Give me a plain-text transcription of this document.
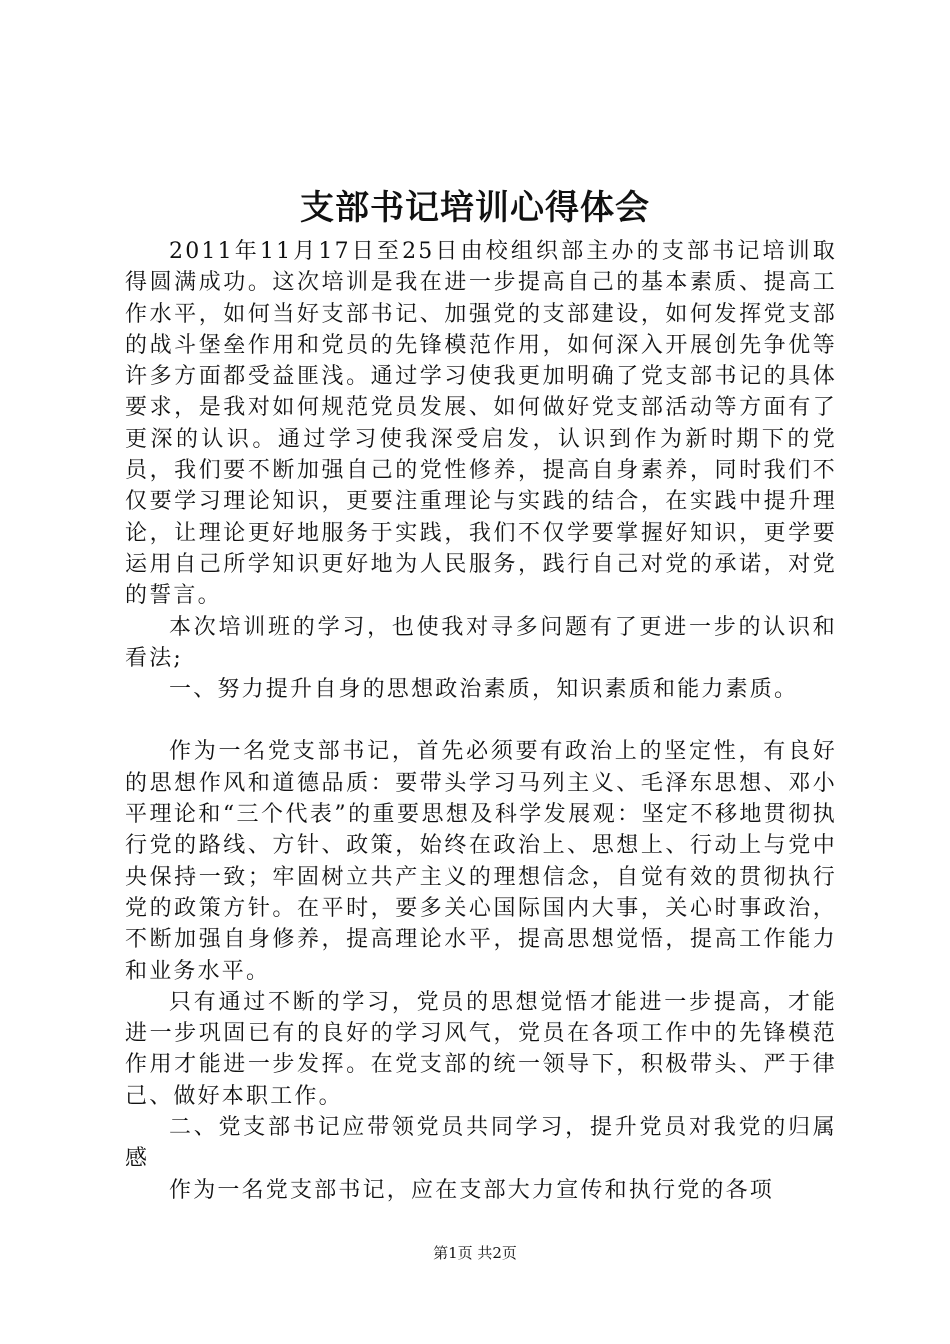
支部书记培训心得体会

2011年11月17日至25日由校组织部主办的支部书记培训取得圆满成功。这次培训是我在进一步提高自己的基本素质、提高工作水平，如何当好支部书记、加强党的支部建设，如何发挥党支部的战斗堡垒作用和党员的先锋模范作用，如何深入开展创先争优等许多方面都受益匪浅。通过学习使我更加明确了党支部书记的具体要求，是我对如何规范党员发展、如何做好党支部活动等方面有了更深的认识。通过学习使我深受启发，认识到作为新时期下的党员，我们要不断加强自己的党性修养，提高自身素养，同时我们不仅要学习理论知识，更要注重理论与实践的结合，在实践中提升理论，让理论更好地服务于实践，我们不仅学要掌握好知识，更学要运用自己所学知识更好地为人民服务，践行自己对党的承诺，对党的誓言。

本次培训班的学习，也使我对寻多问题有了更进一步的认识和看法;

一、努力提升自身的思想政治素质，知识素质和能力素质。

作为一名党支部书记，首先必须要有政治上的坚定性，有良好的思想作风和道德品质：要带头学习马列主义、毛泽东思想、邓小平理论和“三个代表”的重要思想及科学发展观：坚定不移地贯彻执行党的路线、方针、政策，始终在政治上、思想上、行动上与党中央保持一致；牢固树立共产主义的理想信念，自觉有效的贯彻执行党的政策方针。在平时，要多关心国际国内大事，关心时事政治，不断加强自身修养，提高理论水平，提高思想觉悟，提高工作能力和业务水平。

只有通过不断的学习，党员的思想觉悟才能进一步提高，才能进一步巩固已有的良好的学习风气，党员在各项工作中的先锋模范作用才能进一步发挥。在党支部的统一领导下，积极带头、严于律己、做好本职工作。

二、党支部书记应带领党员共同学习，提升党员对我党的归属感

作为一名党支部书记，应在支部大力宣传和执行党的各项

第1页 共2页
